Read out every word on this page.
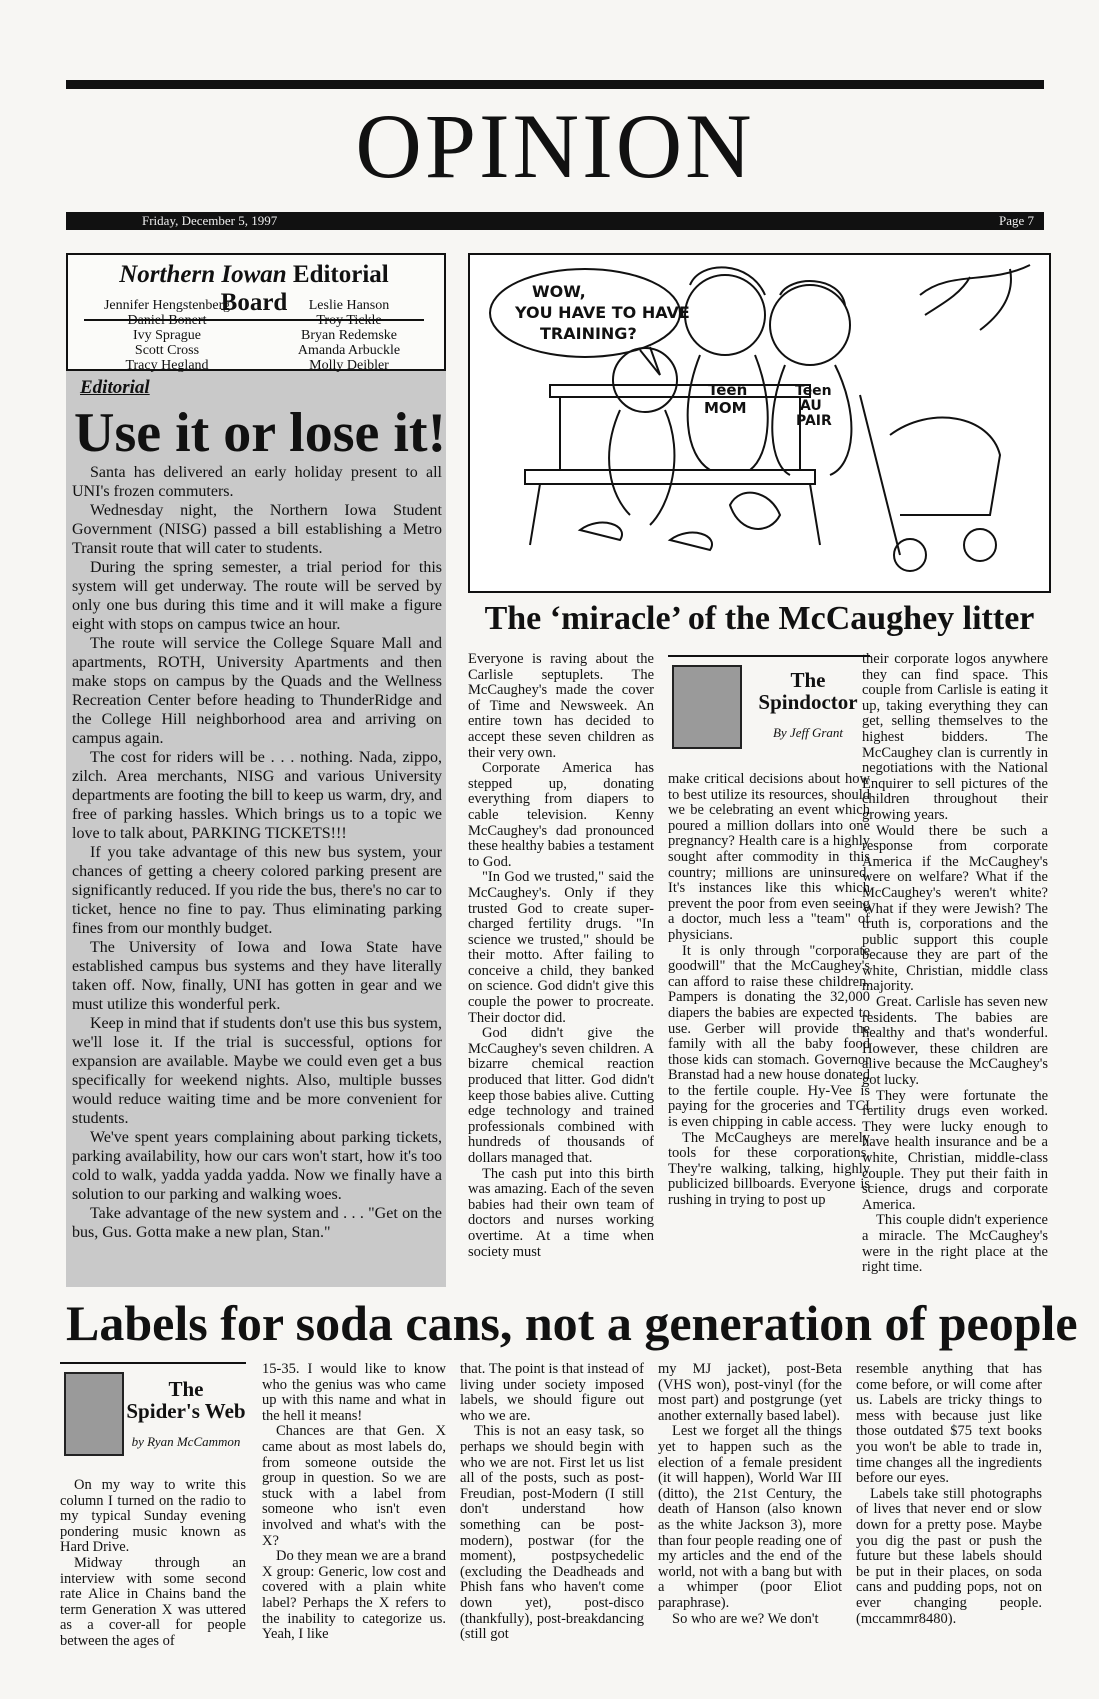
OPINION
Friday, December 5, 1997	Page 7
Northern Iowan Editorial Board
Jennifer Hengstenberg
Daniel Bonert
Ivy Sprague
Scott Cross
Tracy Hegland
Leslie Hanson
Troy Tickle
Bryan Redemske
Amanda Arbuckle
Molly Deibler
Editorial
Use it or lose it!

Santa has delivered an early holiday present to all UNI's frozen commuters.

Wednesday night, the Northern Iowa Student Government (NISG) passed a bill establishing a Metro Transit route that will cater to students.

During the spring semester, a trial period for this system will get underway. The route will be served by only one bus during this time and it will make a figure eight with stops on campus twice an hour.

The route will service the College Square Mall and apartments, ROTH, University Apartments and then make stops on campus by the Quads and the Wellness Recreation Center before heading to ThunderRidge and the College Hill neighborhood area and arriving on campus again.

The cost for riders will be . . . nothing. Nada, zippo, zilch. Area merchants, NISG and various University departments are footing the bill to keep us warm, dry, and free of parking hassles. Which brings us to a topic we love to talk about, PARKING TICKETS!!!

If you take advantage of this new bus system, your chances of getting a cheery colored parking present are significantly reduced. If you ride the bus, there's no car to ticket, hence no fine to pay. Thus eliminating parking fines from our monthly budget.

The University of Iowa and Iowa State have established campus bus systems and they have literally taken off. Now, finally, UNI has gotten in gear and we must utilize this wonderful perk.

Keep in mind that if students don't use this bus system, we'll lose it. If the trial is successful, options for expansion are available. Maybe we could even get a bus specifically for weekend nights. Also, multiple busses would reduce waiting time and be more convenient for students.

We've spent years complaining about parking tickets, parking availability, how our cars won't start, how it's too cold to walk, yadda yadda yadda. Now we finally have a solution to our parking and walking woes.

Take advantage of the new system and . . . "Get on the bus, Gus. Gotta make a new plan, Stan."

WOW,
YOU HAVE TO HAVE
TRAINING?
Teen
MOM
Teen
AU
PAIR
The ‘miracle’ of the McCaughey litter

Everyone is raving about the Carlisle septuplets. The McCaughey's made the cover of Time and Newsweek. An entire town has decided to accept these seven children as their very own.

Corporate America has stepped up, donating everything from diapers to cable television. Kenny McCaughey's dad pronounced these healthy babies a testament to God.

"In God we trusted," said the McCaughey's. Only if they trusted God to create super-charged fertility drugs. "In science we trusted," should be their motto. After failing to conceive a child, they banked on science. God didn't give this couple the power to procreate. Their doctor did.

God didn't give the McCaughey's seven children. A bizarre chemical reaction produced that litter. God didn't keep those babies alive. Cutting edge technology and trained professionals combined with hundreds of thousands of dollars managed that.

The cash put into this birth was amazing. Each of the seven babies had their own team of doctors and nurses working overtime. At a time when society must

The
Spindoctor
By Jeff Grant

make critical decisions about how to best utilize its resources, should we be celebrating an event which poured a million dollars into one pregnancy? Health care is a highly sought after commodity in this country; millions are uninsured. It's instances like this which prevent the poor from even seeing a doctor, much less a "team" of physicians.

It is only through "corporate goodwill" that the McCaughey's can afford to raise these children. Pampers is donating the 32,000 diapers the babies are expected to use. Gerber will provide the family with all the baby food those kids can stomach. Governor Branstad had a new house donated to the fertile couple. Hy-Vee is paying for the groceries and TCI is even chipping in cable access.

The McCaugheys are merely tools for these corporations. They're walking, talking, highly publicized billboards. Everyone is rushing in trying to post up

their corporate logos anywhere they can find space. This couple from Carlisle is eating it up, taking everything they can get, selling themselves to the highest bidders. The McCaughey clan is currently in negotiations with the National Enquirer to sell pictures of the children throughout their growing years.

Would there be such a response from corporate America if the McCaughey's were on welfare? What if the McCaughey's weren't white? What if they were Jewish? The truth is, corporations and the public support this couple because they are part of the white, Christian, middle class majority.

Great. Carlisle has seven new residents. The babies are healthy and that's wonderful. However, these children are alive because the McCaughey's got lucky.

They were fortunate the fertility drugs even worked. They were lucky enough to have health insurance and be a white, Christian, middle-class couple. They put their faith in science, drugs and corporate America.

This couple didn't experience a miracle. The McCaughey's were in the right place at the right time.

Labels for soda cans, not a generation of people
The
Spider's Web
by Ryan McCammon

On my way to write this column I turned on the radio to my typical Sunday evening pondering music known as Hard Drive.

Midway through an interview with some second rate Alice in Chains band the term Generation X was uttered as a cover-all for people between the ages of

15-35. I would like to know who the genius was who came up with this name and what in the hell it means!

Chances are that Gen. X came about as most labels do, from someone outside the group in question. So we are stuck with a label from someone who isn't even involved and what's with the X?

Do they mean we are a brand X group: Generic, low cost and covered with a plain white label? Perhaps the X refers to the inability to categorize us. Yeah, I like

that. The point is that instead of living under society imposed labels, we should figure out who we are.

This is not an easy task, so perhaps we should begin with who we are not. First let us list all of the posts, such as post-Freudian, post-Modern (I still don't understand how something can be post-modern), postwar (for the moment), postpsychedelic (excluding the Deadheads and Phish fans who haven't come down yet), post-disco (thankfully), post-breakdancing (still got

my MJ jacket), post-Beta (VHS won), post-vinyl (for the most part) and postgrunge (yet another externally based label).

Lest we forget all the things yet to happen such as the election of a female president (it will happen), World War III (ditto), the 21st Century, the death of Hanson (also known as the white Jackson 3), more than four people reading one of my articles and the end of the world, not with a bang but with a whimper (poor Eliot paraphrase).

So who are we? We don't

resemble anything that has come before, or will come after us. Labels are tricky things to mess with because just like those outdated $75 text books you won't be able to trade in, time changes all the ingredients before our eyes.

Labels take still photographs of lives that never end or slow down for a pretty pose. Maybe you dig the past or push the future but these labels should be put in their places, on soda cans and pudding pops, not on ever changing people. (mccammr8480).
